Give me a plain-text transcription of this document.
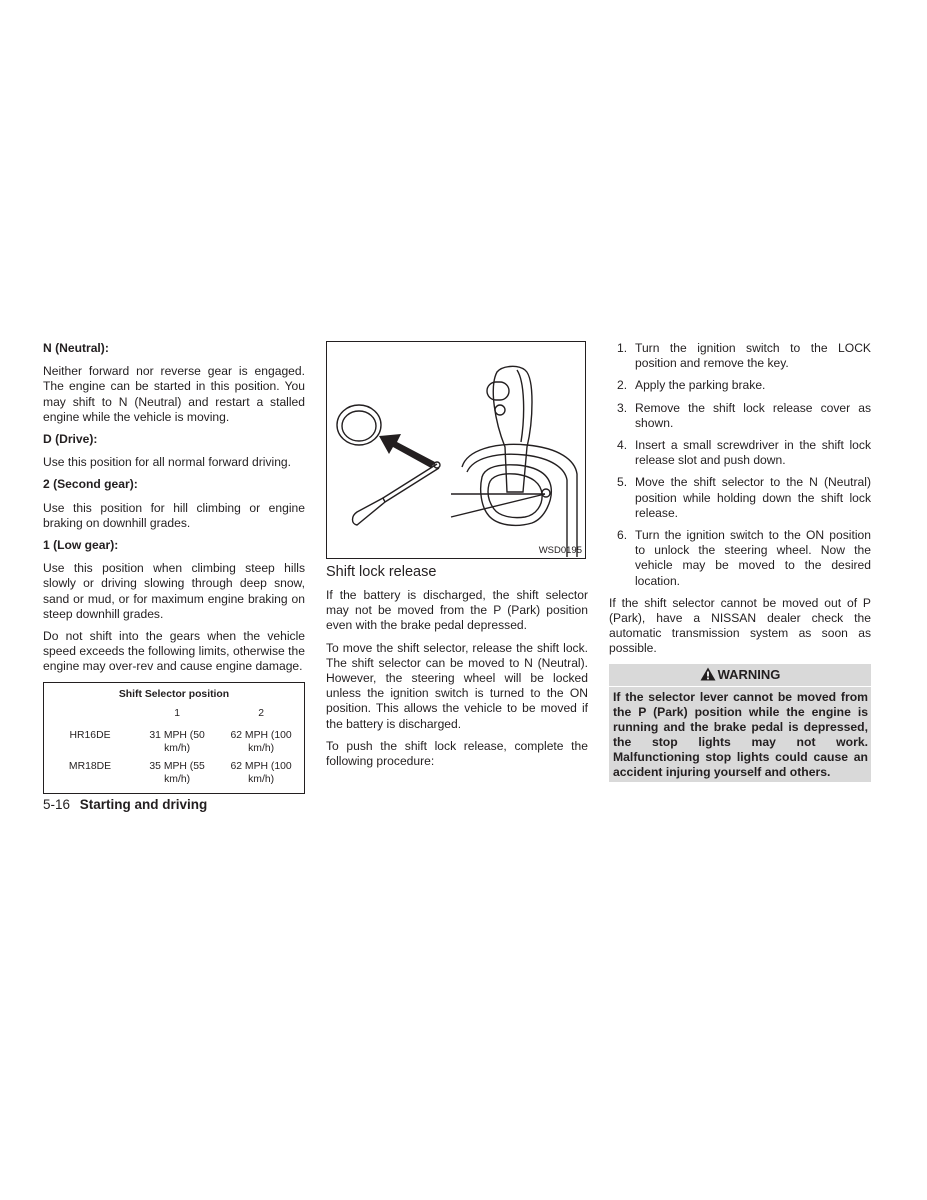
N (Neutral):
Neither forward nor reverse gear is engaged. The engine can be started in this position. You may shift to N (Neutral) and restart a stalled engine while the vehicle is moving.
D (Drive):
Use this position for all normal forward driving.
2 (Second gear):
Use this position for hill climbing or engine braking on downhill grades.
1 (Low gear):
Use this position when climbing steep hills slowly or driving slowing through deep snow, sand or mud, or for maximum engine braking on steep downhill grades.
Do not shift into the gears when the vehicle speed exceeds the following limits, otherwise the engine may over-rev and cause engine damage.
Shift Selector position		
	1	2
HR16DE	31 MPH (50 km/h)	62 MPH (100 km/h)
MR18DE	35 MPH (55 km/h)	62 MPH (100 km/h)
WSD0195
Shift lock release
If the battery is discharged, the shift selector may not be moved from the P (Park) position even with the brake pedal depressed.
To move the shift selector, release the shift lock. The shift selector can be moved to N (Neutral). However, the steering wheel will be locked unless the ignition switch is turned to the ON position. This allows the vehicle to be moved if the battery is discharged.
To push the shift lock release, complete the following procedure:
1. Turn the ignition switch to the LOCK position and remove the key.
2. Apply the parking brake.
3. Remove the shift lock release cover as shown.
4. Insert a small screwdriver in the shift lock release slot and push down.
5. Move the shift selector to the N (Neutral) position while holding down the shift lock release.
6. Turn the ignition switch to the ON position to unlock the steering wheel. Now the vehicle may be moved to the desired location.
If the shift selector cannot be moved out of P (Park), have a NISSAN dealer check the automatic transmission system as soon as possible.
WARNING
If the selector lever cannot be moved from the P (Park) position while the engine is running and the brake pedal is depressed, the stop lights may not work. Malfunctioning stop lights could cause an accident injuring yourself and others.
5-16 Starting and driving
